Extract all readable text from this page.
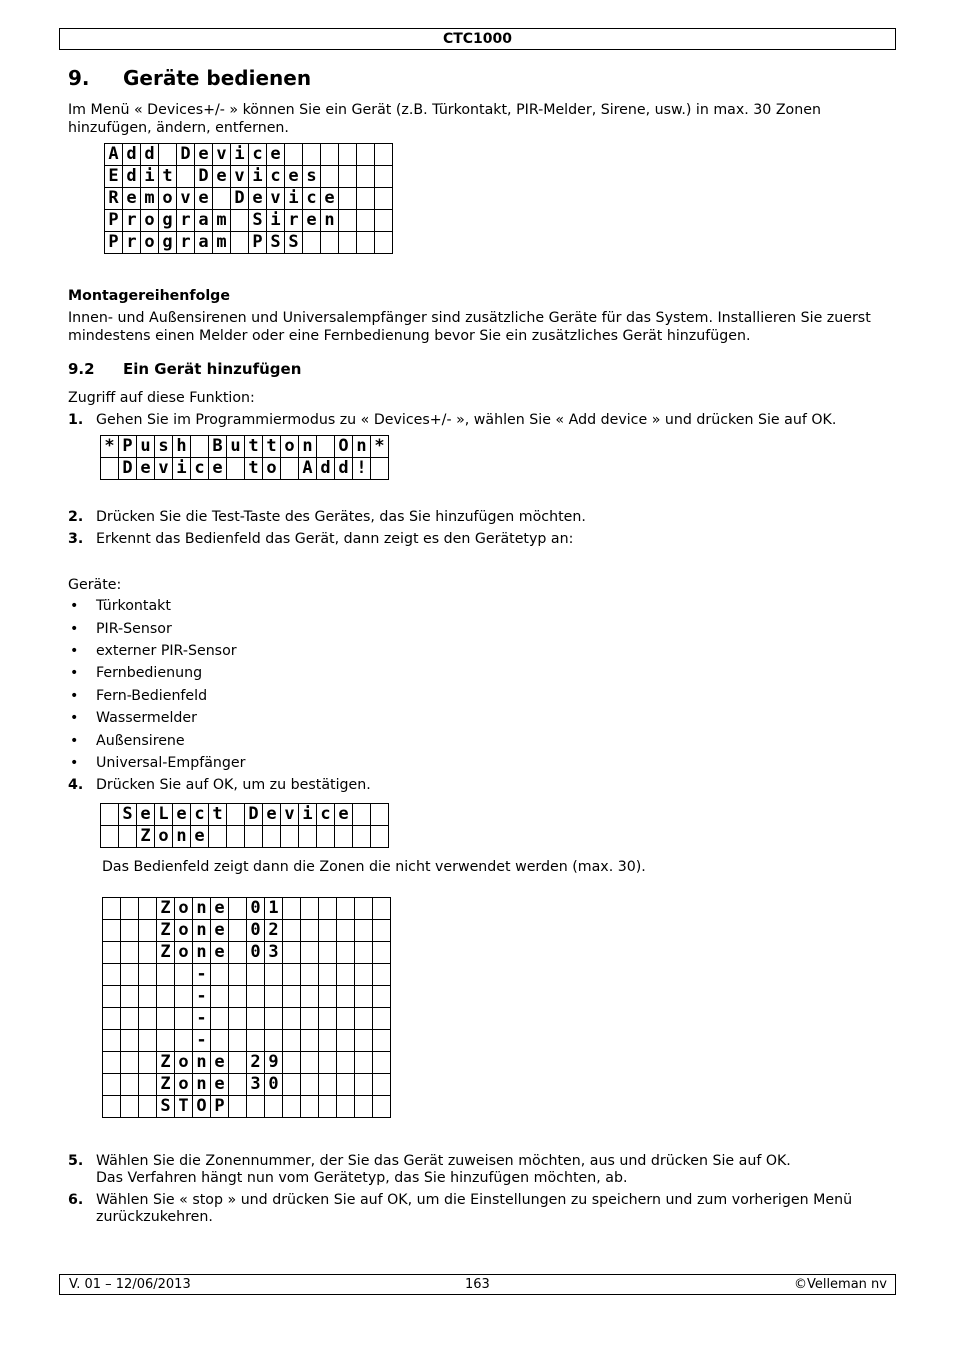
CTC1000
9. Geräte bedienen
Im Menü « Devices+/- » können Sie ein Gerät (z.B. Türkontakt, PIR-Melder, Sirene, usw.) in max. 30 Zonen hinzufügen, ändern, entfernen.
A	d	d		D	e	v	i	c	e						
E	d	i	t		D	e	v	i	c	e	s				
R	e	m	o	v	e		D	e	v	i	c	e			
P	r	o	g	r	a	m		S	i	r	e	n			
P	r	o	g	r	a	m		P	S	S					
Montagereihenfolge
Innen- und Außensirenen und Universalempfänger sind zusätzliche Geräte für das System. Installieren Sie zuerst mindestens einen Melder oder eine Fernbedienung bevor Sie ein zusätzliches Gerät hinzufügen.
9.2 Ein Gerät hinzufügen
Zugriff auf diese Funktion:
1. Gehen Sie im Programmiermodus zu « Devices+/- », wählen Sie « Add device » und drücken Sie auf OK.
*	P	u	s	h		B	u	t	t	o	n		O	n	*
	D	e	v	i	c	e		t	o		A	d	d	!	
2. Drücken Sie die Test-Taste des Gerätes, das Sie hinzufügen möchten.
3. Erkennt das Bedienfeld das Gerät, dann zeigt es den Gerätetyp an:
Geräte:
• Türkontakt
• PIR-Sensor
• externer PIR-Sensor
• Fernbedienung
• Fern-Bedienfeld
• Wassermelder
• Außensirene
• Universal-Empfänger
4. Drücken Sie auf OK, um zu bestätigen.
	S	e	L	e	c	t		D	e	v	i	c	e		
		Z	o	n	e										
Das Bedienfeld zeigt dann die Zonen die nicht verwendet werden (max. 30).
			Z	o	n	e		0	1						
			Z	o	n	e		0	2						
			Z	o	n	e		0	3						
					-										
					-										
					-										
					-										
			Z	o	n	e		2	9						
			Z	o	n	e		3	0						
			S	T	O	P									
5. Wählen Sie die Zonennummer, der Sie das Gerät zuweisen möchten, aus und drücken Sie auf OK.
Das Verfahren hängt nun vom Gerätetyp, das Sie hinzufügen möchten, ab.
6. Wählen Sie « stop » und drücken Sie auf OK, um die Einstellungen zu speichern und zum vorherigen Menü zurückzukehren.
V. 01 – 12/06/2013	163	©Velleman nv
